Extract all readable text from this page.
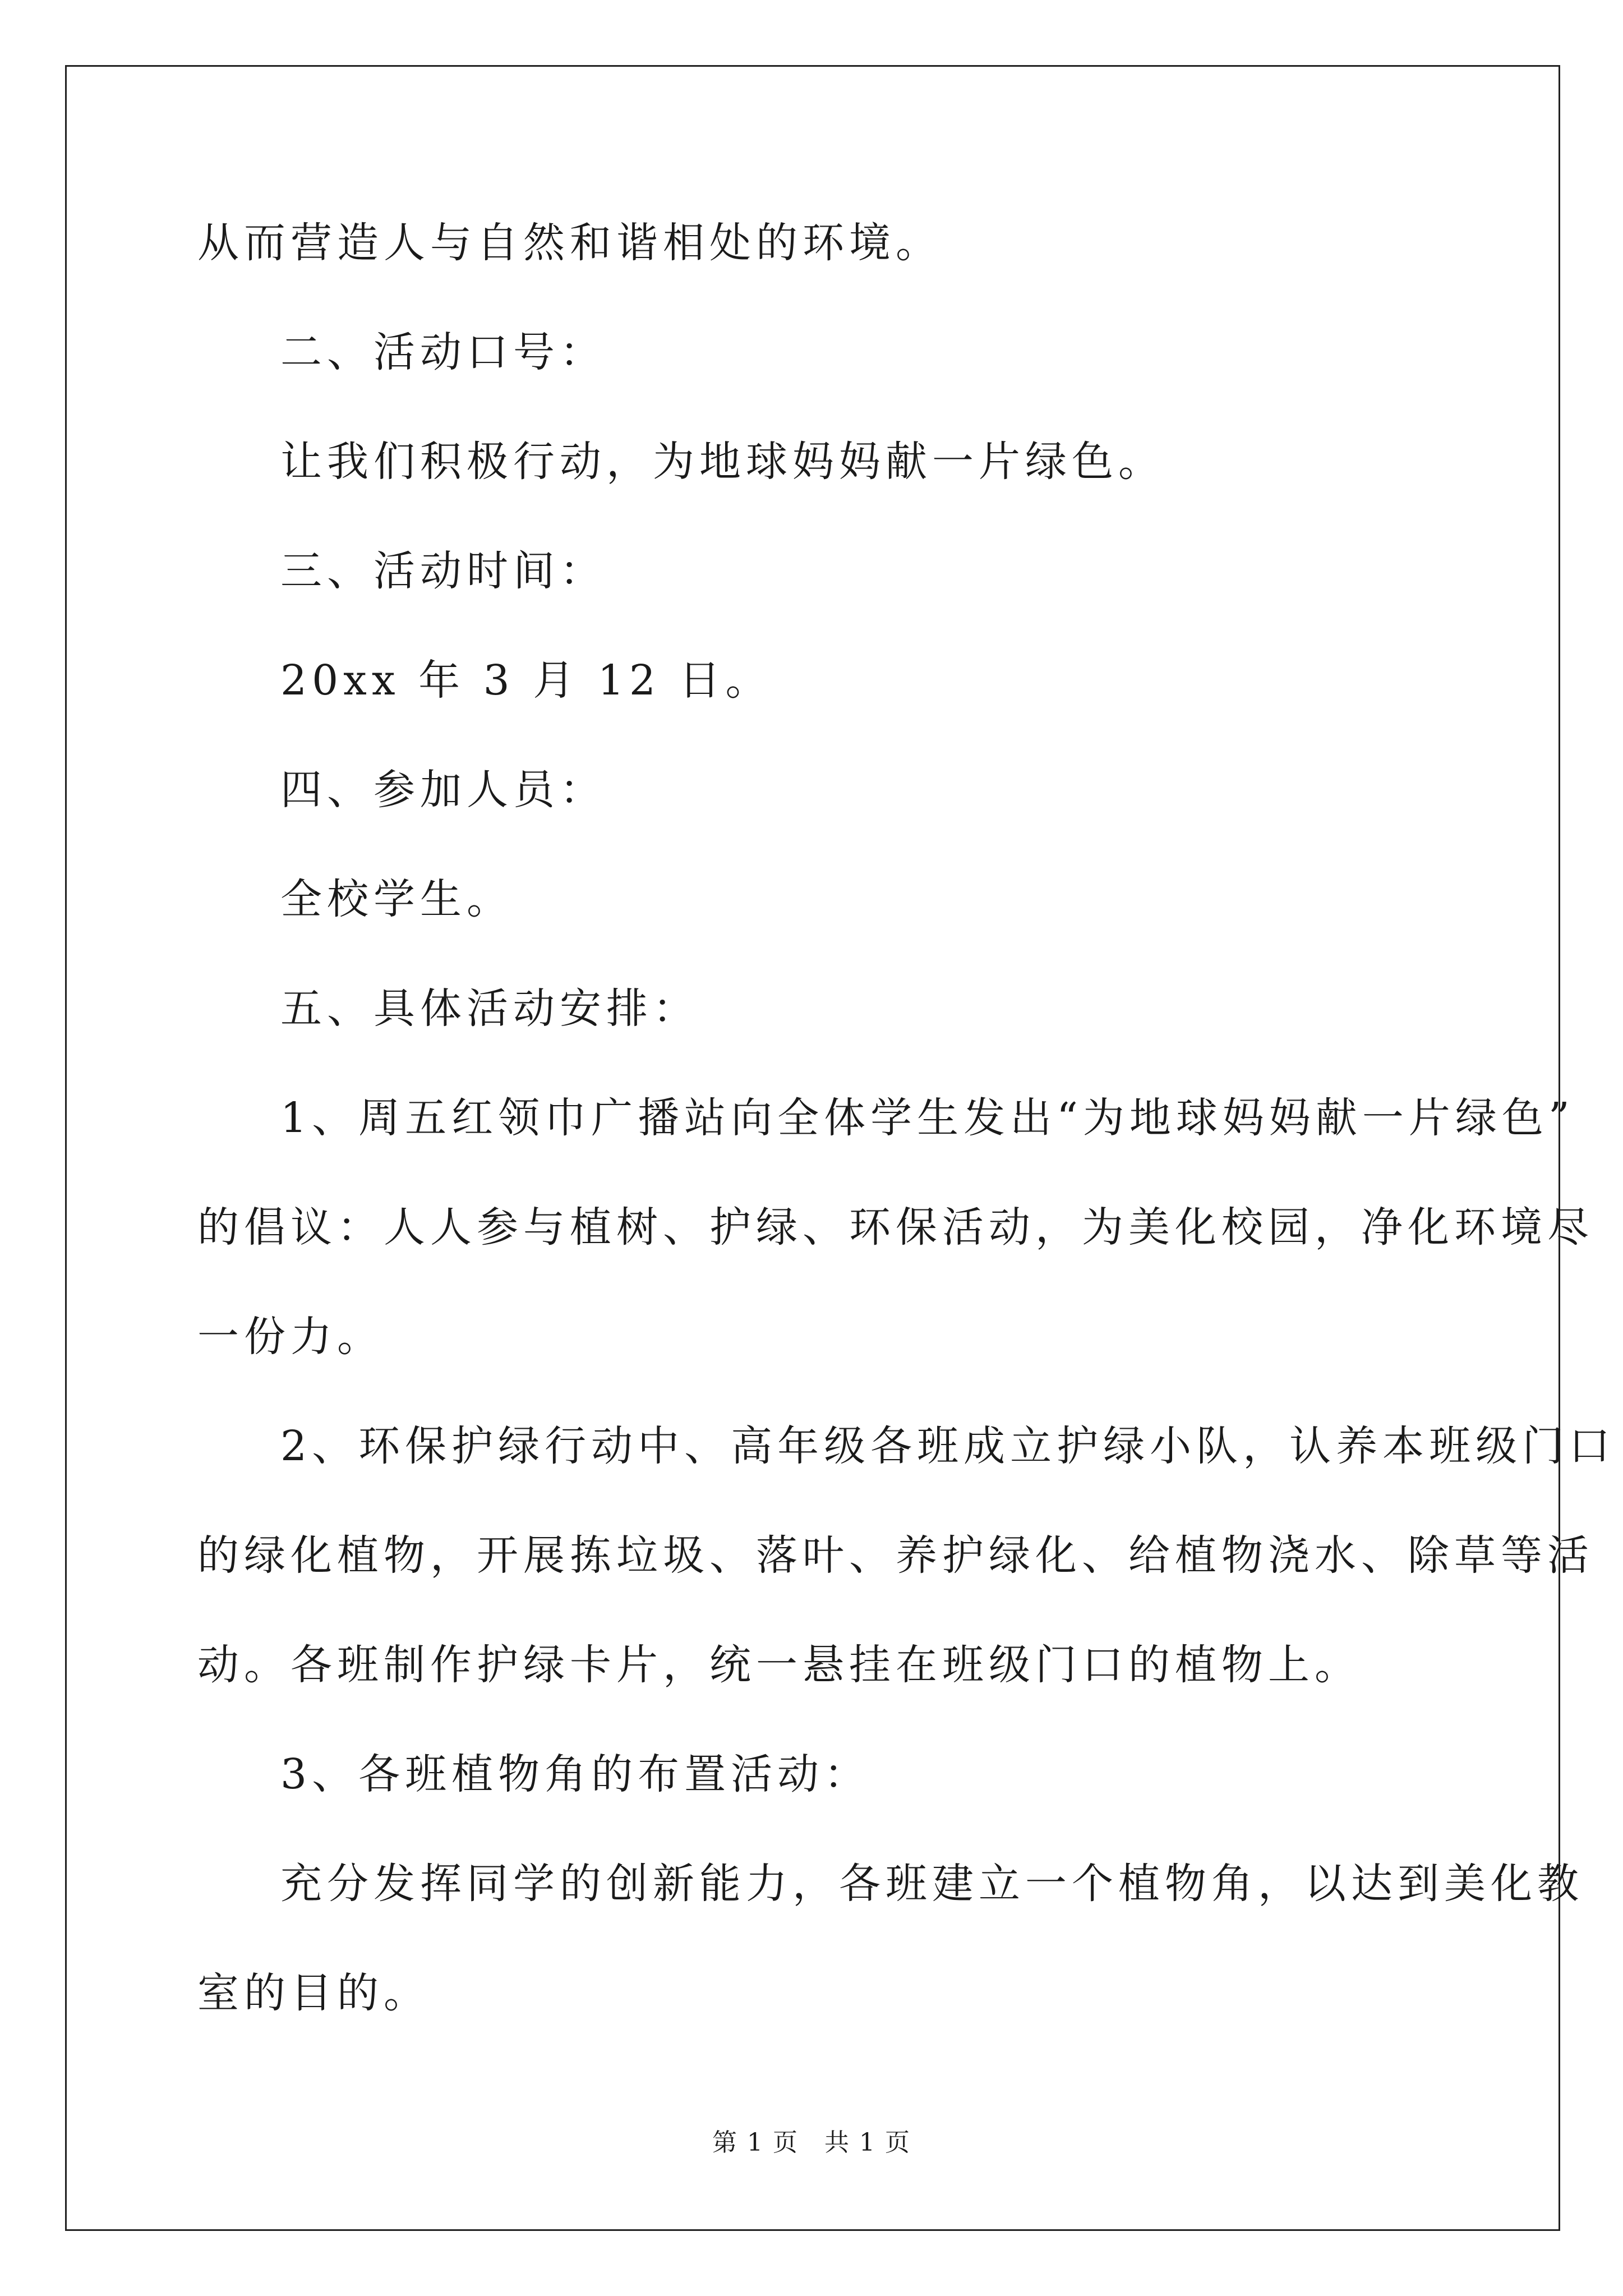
从而营造人与自然和谐相处的环境。

二、活动口号：

让我们积极行动，为地球妈妈献一片绿色。

三、活动时间：

20xx 年 3 月 12 日。

四、参加人员：

全校学生。

五、具体活动安排：

1、周五红领巾广播站向全体学生发出“为地球妈妈献一片绿色”

的倡议：人人参与植树、护绿、环保活动，为美化校园，净化环境尽

一份力。

2、环保护绿行动中、高年级各班成立护绿小队，认养本班级门口

的绿化植物，开展拣垃圾、落叶、养护绿化、给植物浇水、除草等活

动。各班制作护绿卡片，统一悬挂在班级门口的植物上。

3、各班植物角的布置活动：

充分发挥同学的创新能力，各班建立一个植物角，以达到美化教

室的目的。

第 1 页　共 1 页
